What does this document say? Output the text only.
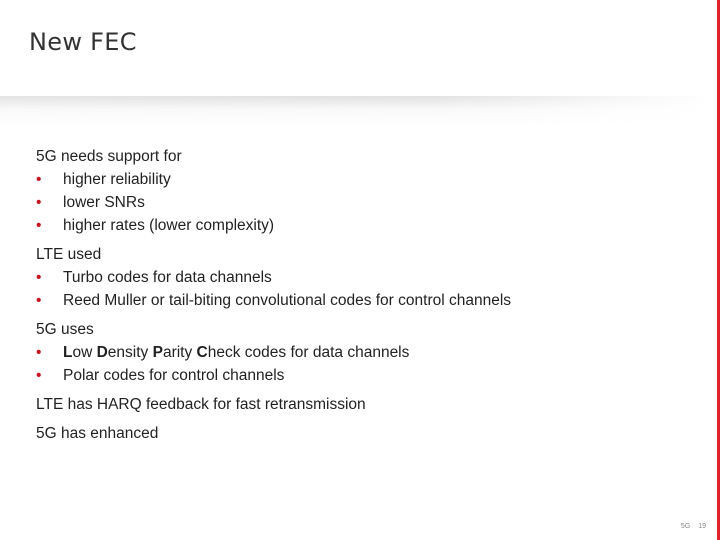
New FEC
5G needs support for
• higher reliability
• lower SNRs
• higher rates (lower complexity)
LTE used
• Turbo codes for data channels
• Reed Muller or tail-biting convolutional codes for control channels
5G uses
• Low Density Parity Check codes for data channels
• Polar codes for control channels
LTE has HARQ feedback for fast retransmission
5G has enhanced
5G 19
